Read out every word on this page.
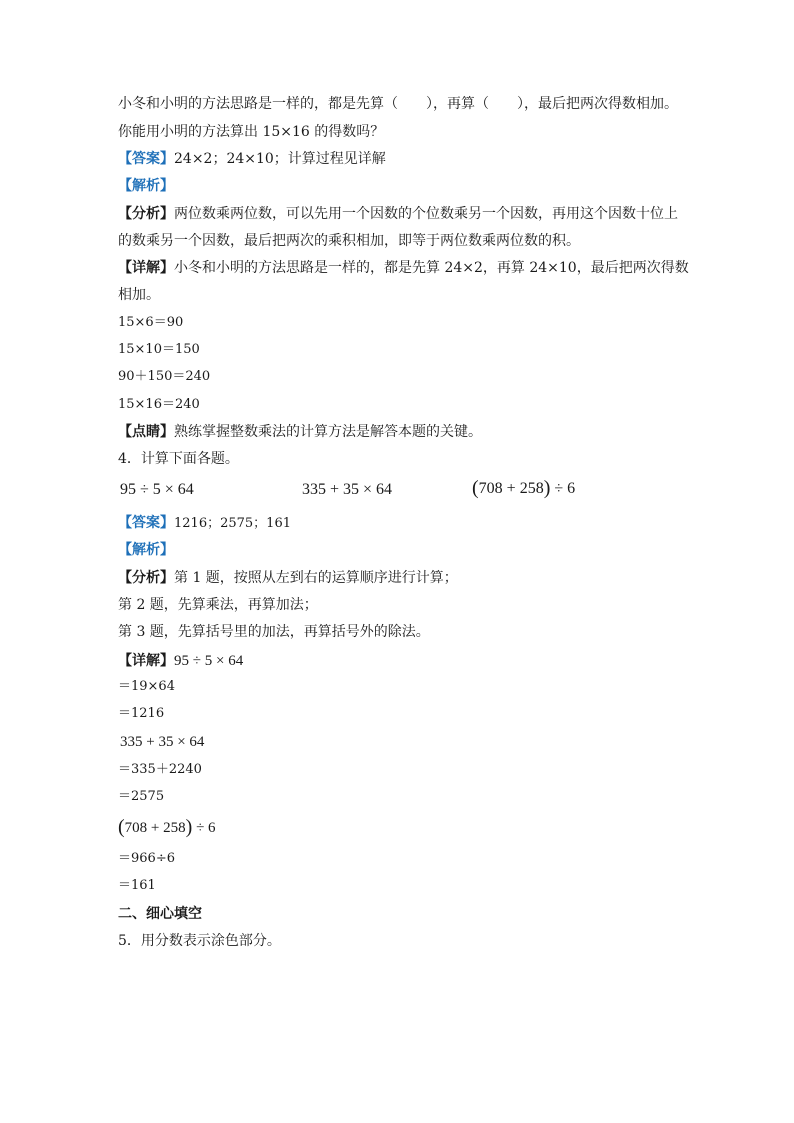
小冬和小明的方法思路是一样的，都是先算（　　），再算（　　），最后把两次得数相加。
你能用小明的方法算出 15×16 的得数吗？
【答案】24×2；24×10；计算过程见详解
【解析】
【分析】两位数乘两位数，可以先用一个因数的个位数乘另一个因数，再用这个因数十位上
的数乘另一个因数，最后把两次的乘积相加，即等于两位数乘两位数的积。
【详解】小冬和小明的方法思路是一样的，都是先算 24×2，再算 24×10，最后把两次得数
相加。
15×6＝90
15×10＝150
90＋150＝240
15×16＝240
【点睛】熟练掌握整数乘法的计算方法是解答本题的关键。
4．计算下面各题。
95 ÷ 5 × 64	335 + 35 × 64	(708 + 258) ÷ 6
【答案】1216；2575；161
【解析】
【分析】第 1 题，按照从左到右的运算顺序进行计算；
第 2 题，先算乘法，再算加法；
第 3 题，先算括号里的加法，再算括号外的除法。
【详解】95 ÷ 5 × 64
＝19×64
＝1216
335 + 35 × 64
＝335＋2240
＝2575
(708 + 258) ÷ 6
＝966÷6
＝161
二、细心填空
5．用分数表示涂色部分。
